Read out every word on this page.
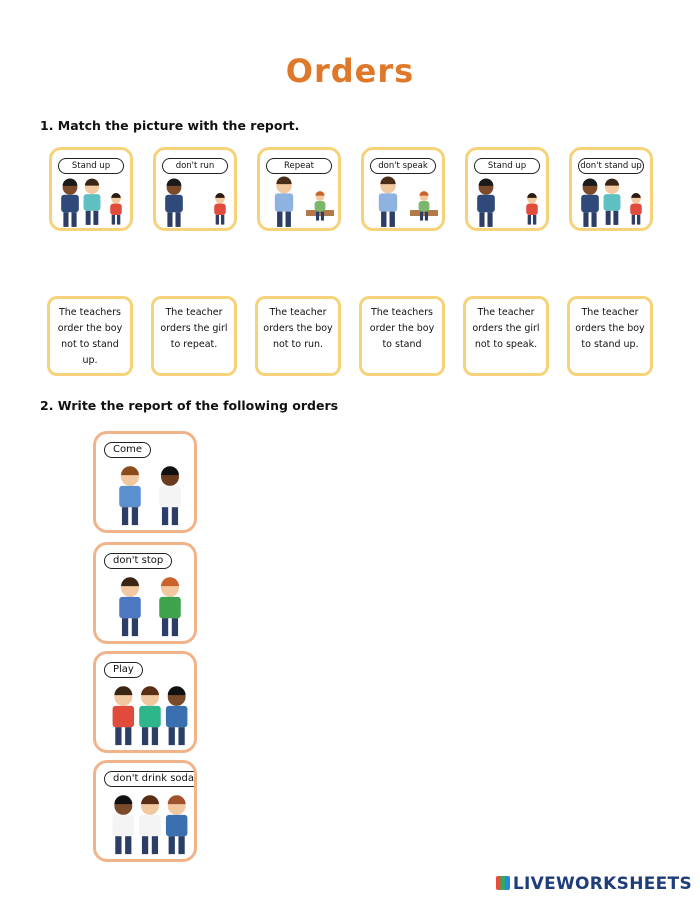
Orders
1. Match the picture with the report.
Stand up	don't run	Repeat	don't speak	Stand up	don't stand up
The teachers order the boy not to stand up.
The teacher orders the girl to repeat.
The teacher orders the boy not to run.
The teachers order the boy to stand
The teacher orders the girl not to speak.
The teacher orders the boy to stand up.
2. Write the report of the following orders
Come
don't stop
Play
don't drink soda
LIVEWORKSHEETS
